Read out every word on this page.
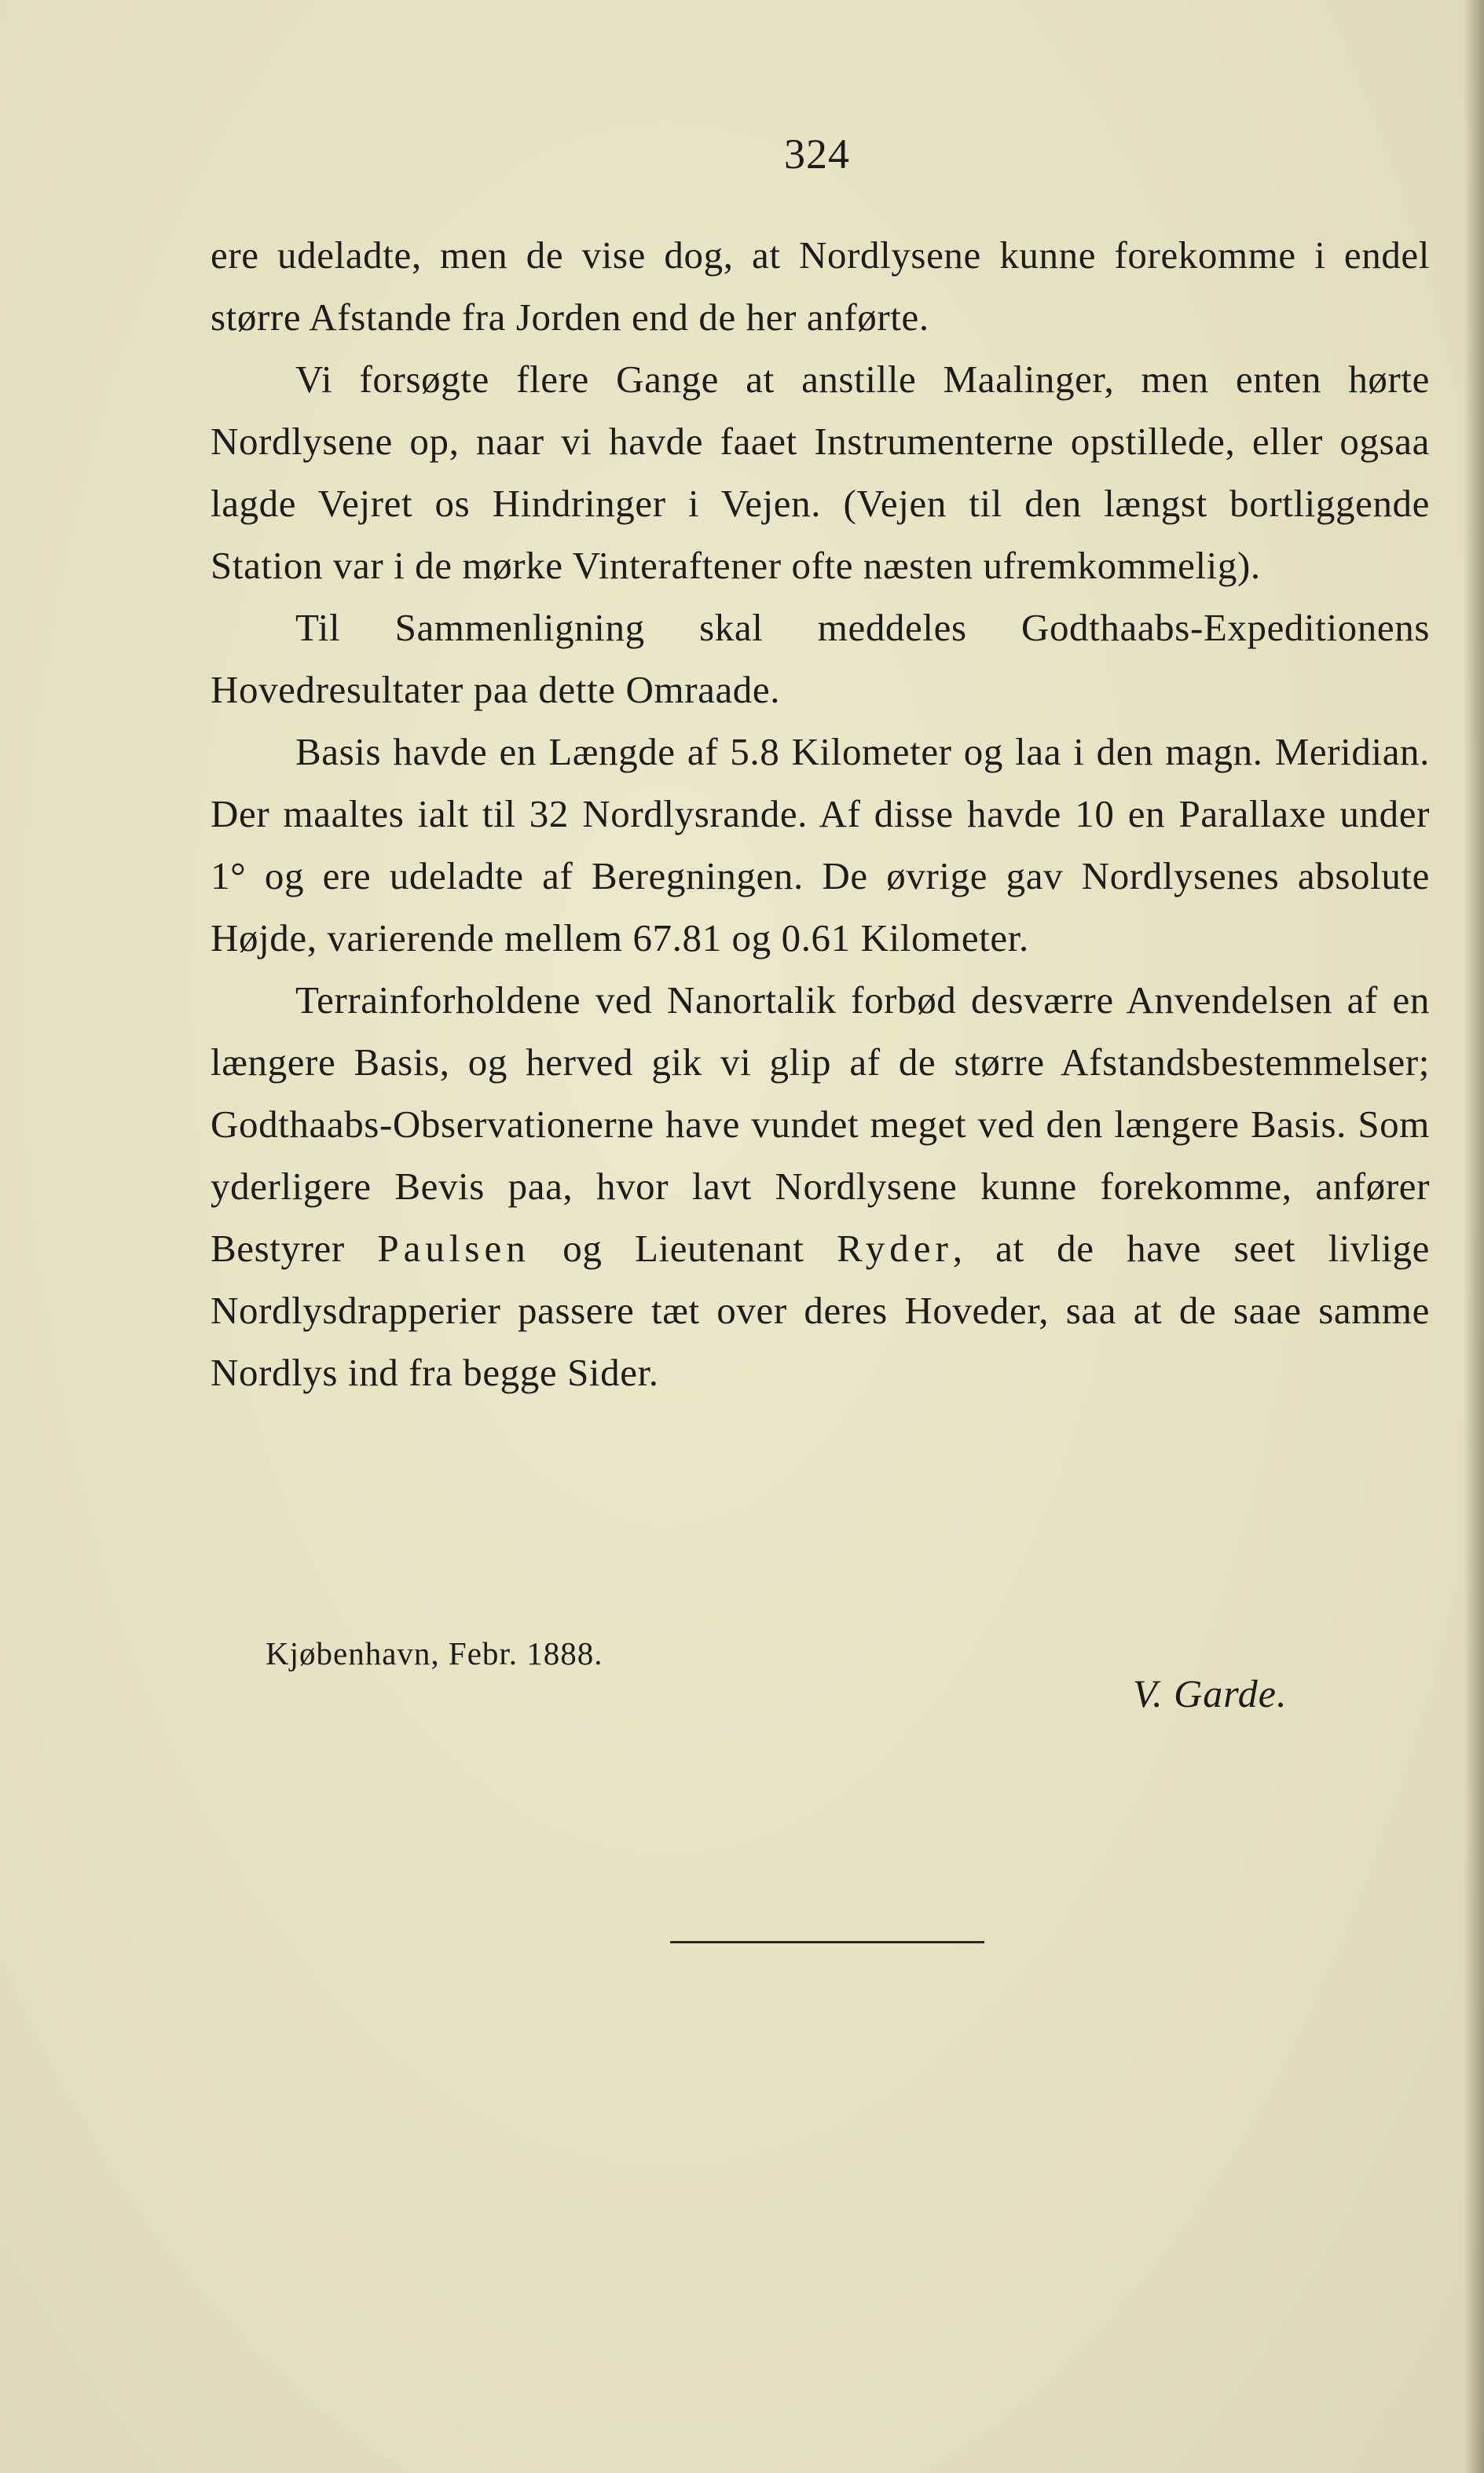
324

ere udeladte, men de vise dog, at Nordlysene kunne forekomme i endel større Afstande fra Jorden end de her anførte.

Vi forsøgte flere Gange at anstille Maalinger, men enten hørte Nordlysene op, naar vi havde faaet Instrumenterne opstillede, eller ogsaa lagde Vejret os Hindringer i Vejen. (Vejen til den længst bortliggende Station var i de mørke Vinteraftener ofte næsten ufremkommelig).

Til Sammenligning skal meddeles Godthaabs-Expeditionens Hovedresultater paa dette Omraade.

Basis havde en Længde af 5.8 Kilometer og laa i den magn. Meridian. Der maaltes ialt til 32 Nordlysrande. Af disse havde 10 en Parallaxe under 1° og ere udeladte af Beregningen. De øvrige gav Nordlysenes absolute Højde, varierende mellem 67.81 og 0.61 Kilometer.

Terrainforholdene ved Nanortalik forbød desværre Anvendelsen af en længere Basis, og herved gik vi glip af de større Afstandsbestemmelser; Godthaabs-Observationerne have vundet meget ved den længere Basis. Som yderligere Bevis paa, hvor lavt Nordlysene kunne forekomme, anfører Bestyrer Paulsen og Lieutenant Ryder, at de have seet livlige Nordlysdrapperier passere tæt over deres Hoveder, saa at de saae samme Nordlys ind fra begge Sider.

Kjøbenhavn, Febr. 1888.
V. Garde.
